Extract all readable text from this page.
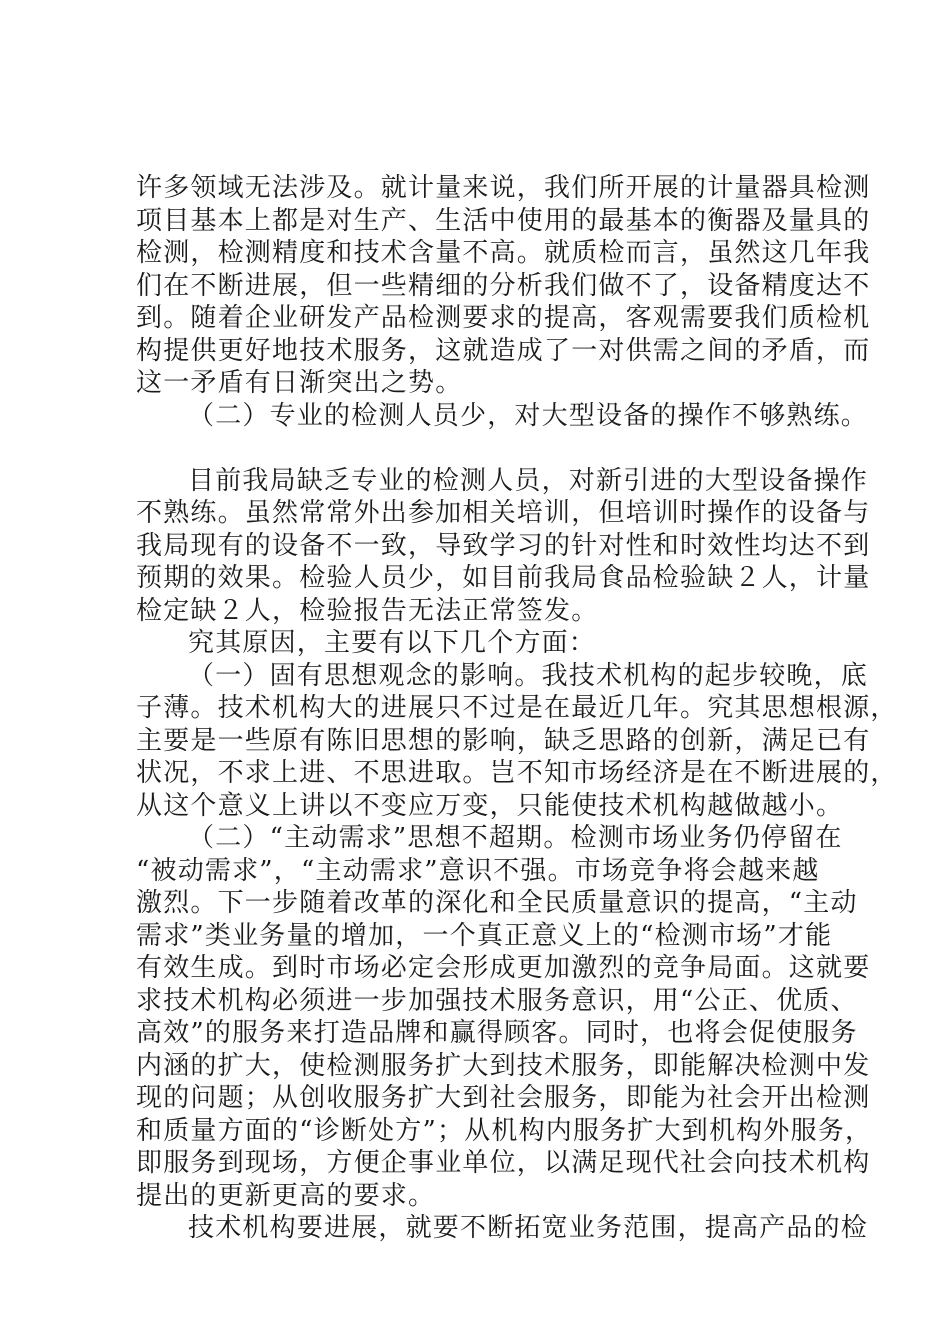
许多领域无法涉及。就计量来说，我们所开展的计量器具检测
项目基本上都是对生产、生活中使用的最基本的衡器及量具的
检测，检测精度和技术含量不高。就质检而言，虽然这几年我
们在不断进展，但一些精细的分析我们做不了，设备精度达不
到。随着企业研发产品检测要求的提高，客观需要我们质检机
构提供更好地技术服务，这就造成了一对供需之间的矛盾，而
这一矛盾有日渐突出之势。
（二）专业的检测人员少，对大型设备的操作不够熟练。
目前我局缺乏专业的检测人员，对新引进的大型设备操作
不熟练。虽然常常外出参加相关培训，但培训时操作的设备与
我局现有的设备不一致，导致学习的针对性和时效性均达不到
预期的效果。检验人员少，如目前我局食品检验缺２人，计量
检定缺２人，检验报告无法正常签发。
究其原因，主要有以下几个方面：
（一）固有思想观念的影响。我技术机构的起步较晚，底
子薄。技术机构大的进展只不过是在最近几年。究其思想根源，
主要是一些原有陈旧思想的影响，缺乏思路的创新，满足已有
状况，不求上进、不思进取。岂不知市场经济是在不断进展的，
从这个意义上讲以不变应万变，只能使技术机构越做越小。
（二）“主动需求”思想不超期。检测市场业务仍停留在
“被动需求”，“主动需求”意识不强。市场竞争将会越来越
激烈。下一步随着改革的深化和全民质量意识的提高，“主动
需求”类业务量的增加，一个真正意义上的“检测市场”才能
有效生成。到时市场必定会形成更加激烈的竞争局面。这就要
求技术机构必须进一步加强技术服务意识，用“公正、优质、
高效”的服务来打造品牌和赢得顾客。同时，也将会促使服务
内涵的扩大，使检测服务扩大到技术服务，即能解决检测中发
现的问题；从创收服务扩大到社会服务，即能为社会开出检测
和质量方面的“诊断处方”；从机构内服务扩大到机构外服务，
即服务到现场，方便企事业单位，以满足现代社会向技术机构
提出的更新更高的要求。
技术机构要进展，就要不断拓宽业务范围，提高产品的检
